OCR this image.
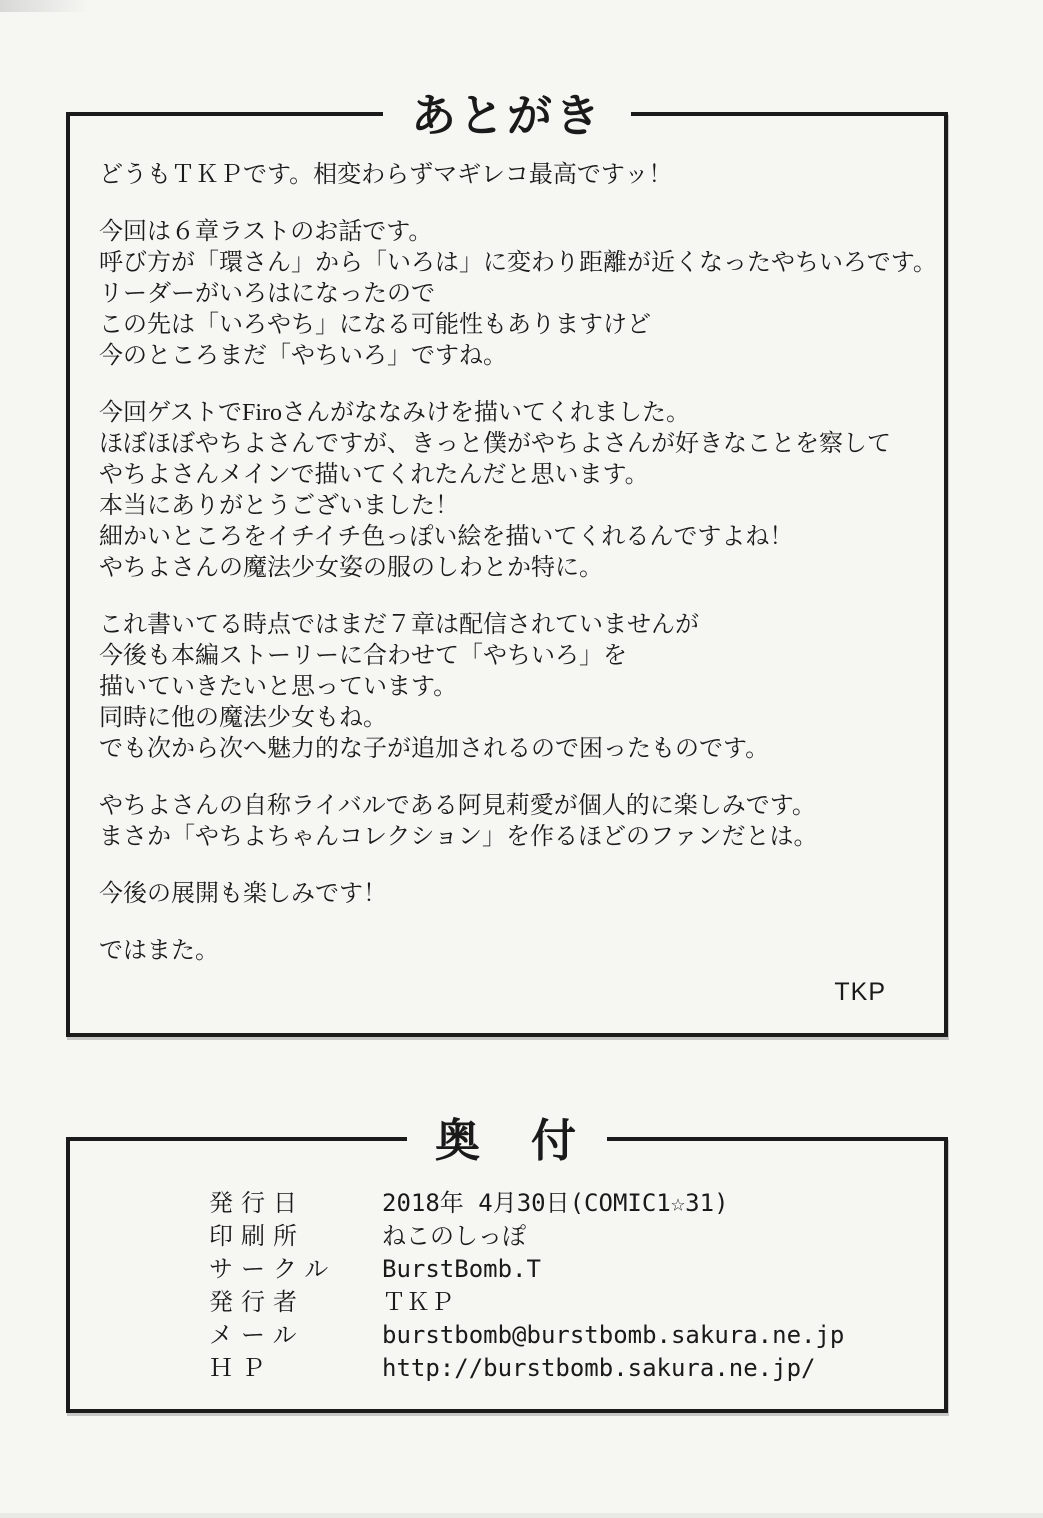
あとがき
どうもＴＫＰです。相変わらずマギレコ最高ですッ！
今回は６章ラストのお話です。
呼び方が「環さん」から「いろは」に変わり距離が近くなったやちいろです。
リーダーがいろはになったので
この先は「いろやち」になる可能性もありますけど
今のところまだ「やちいろ」ですね。
今回ゲストでFiroさんがななみけを描いてくれました。
ほぼほぼやちよさんですが、きっと僕がやちよさんが好きなことを察して
やちよさんメインで描いてくれたんだと思います。
本当にありがとうございました！
細かいところをイチイチ色っぽい絵を描いてくれるんですよね！
やちよさんの魔法少女姿の服のしわとか特に。
これ書いてる時点ではまだ７章は配信されていませんが
今後も本編ストーリーに合わせて「やちいろ」を
描いていきたいと思っています。
同時に他の魔法少女もね。
でも次から次へ魅力的な子が追加されるので困ったものです。
やちよさんの自称ライバルである阿見莉愛が個人的に楽しみです。
まさか「やちよちゃんコレクション」を作るほどのファンだとは。
今後の展開も楽しみです！
ではまた。
TKP
奥　付
発行日	2018年 4月30日(COMIC1☆31)
印刷所	ねこのしっぽ
サークル	BurstBomb.T
発行者	ＴＫＰ
メール	burstbomb@burstbomb.sakura.ne.jp
ＨＰ	http://burstbomb.sakura.ne.jp/
